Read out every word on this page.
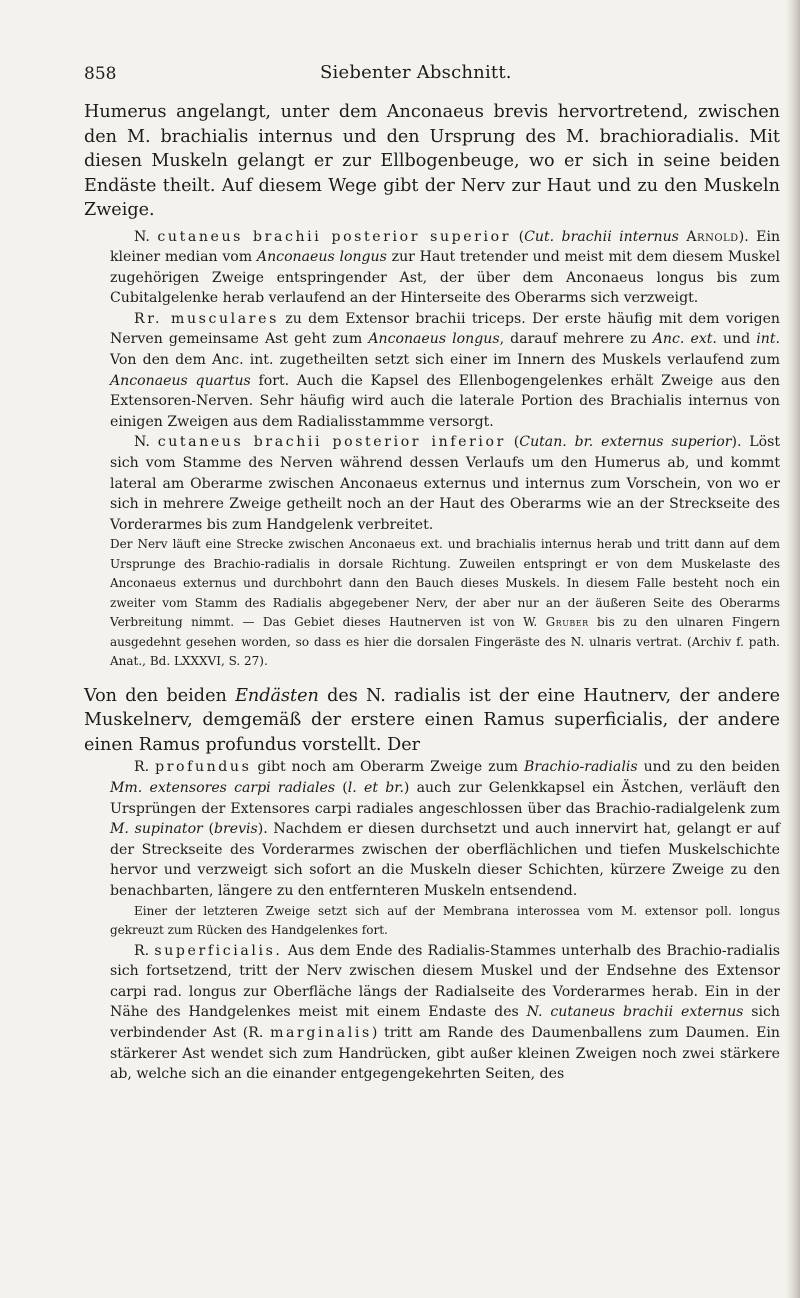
858	Siebenter Abschnitt.

Humerus angelangt, unter dem Anconaeus brevis hervortretend, zwischen den M. brachialis internus und den Ursprung des M. brachioradialis. Mit diesen Muskeln gelangt er zur Ellbogenbeuge, wo er sich in seine beiden Endäste theilt. Auf diesem Wege gibt der Nerv zur Haut und zu den Muskeln Zweige.

N. cutaneus brachii posterior superior (Cut. brachii internus Arnold). Ein kleiner median vom Anconaeus longus zur Haut tretender und meist mit dem diesem Muskel zugehörigen Zweige entspringender Ast, der über dem Anconaeus longus bis zum Cubitalgelenke herab verlaufend an der Hinterseite des Oberarms sich verzweigt.

Rr. musculares zu dem Extensor brachii triceps. Der erste häufig mit dem vorigen Nerven gemeinsame Ast geht zum Anconaeus longus, darauf mehrere zu Anc. ext. und int. Von den dem Anc. int. zugetheilten setzt sich einer im Innern des Muskels verlaufend zum Anconaeus quartus fort. Auch die Kapsel des Ellenbogengelenkes erhält Zweige aus den Extensoren-Nerven. Sehr häufig wird auch die laterale Portion des Brachialis internus von einigen Zweigen aus dem Radialisstammme versorgt.

N. cutaneus brachii posterior inferior (Cutan. br. externus superior). Löst sich vom Stamme des Nerven während dessen Verlaufs um den Humerus ab, und kommt lateral am Oberarme zwischen Anconaeus externus und internus zum Vorschein, von wo er sich in mehrere Zweige getheilt noch an der Haut des Oberarms wie an der Streckseite des Vorderarmes bis zum Handgelenk verbreitet.

Der Nerv läuft eine Strecke zwischen Anconaeus ext. und brachialis internus herab und tritt dann auf dem Ursprunge des Brachio-radialis in dorsale Richtung. Zuweilen entspringt er von dem Muskelaste des Anconaeus externus und durchbohrt dann den Bauch dieses Muskels. In diesem Falle besteht noch ein zweiter vom Stamm des Radialis abgegebener Nerv, der aber nur an der äußeren Seite des Oberarms Verbreitung nimmt. — Das Gebiet dieses Hautnerven ist von W. Gruber bis zu den ulnaren Fingern ausgedehnt gesehen worden, so dass es hier die dorsalen Fingeräste des N. ulnaris vertrat. (Archiv f. path. Anat., Bd. LXXXVI, S. 27).

Von den beiden Endästen des N. radialis ist der eine Hautnerv, der andere Muskelnerv, demgemäß der erstere einen Ramus superficialis, der andere einen Ramus profundus vorstellt. Der

R. profundus gibt noch am Oberarm Zweige zum Brachio-radialis und zu den beiden Mm. extensores carpi radiales (l. et br.) auch zur Gelenkkapsel ein Ästchen, verläuft den Ursprüngen der Extensores carpi radiales angeschlossen über das Brachio-radialgelenk zum M. supinator (brevis). Nachdem er diesen durchsetzt und auch innervirt hat, gelangt er auf der Streckseite des Vorderarmes zwischen der oberflächlichen und tiefen Muskelschichte hervor und verzweigt sich sofort an die Muskeln dieser Schichten, kürzere Zweige zu den benachbarten, längere zu den entfernteren Muskeln entsendend.

Einer der letzteren Zweige setzt sich auf der Membrana interossea vom M. extensor poll. longus gekreuzt zum Rücken des Handgelenkes fort.

R. superficialis. Aus dem Ende des Radialis-Stammes unterhalb des Brachio-radialis sich fortsetzend, tritt der Nerv zwischen diesem Muskel und der Endsehne des Extensor carpi rad. longus zur Oberfläche längs der Radialseite des Vorderarmes herab. Ein in der Nähe des Handgelenkes meist mit einem Endaste des N. cutaneus brachii externus sich verbindender Ast (R. marginalis) tritt am Rande des Daumenballens zum Daumen. Ein stärkerer Ast wendet sich zum Handrücken, gibt außer kleinen Zweigen noch zwei stärkere ab, welche sich an die einander entgegengekehrten Seiten, des
